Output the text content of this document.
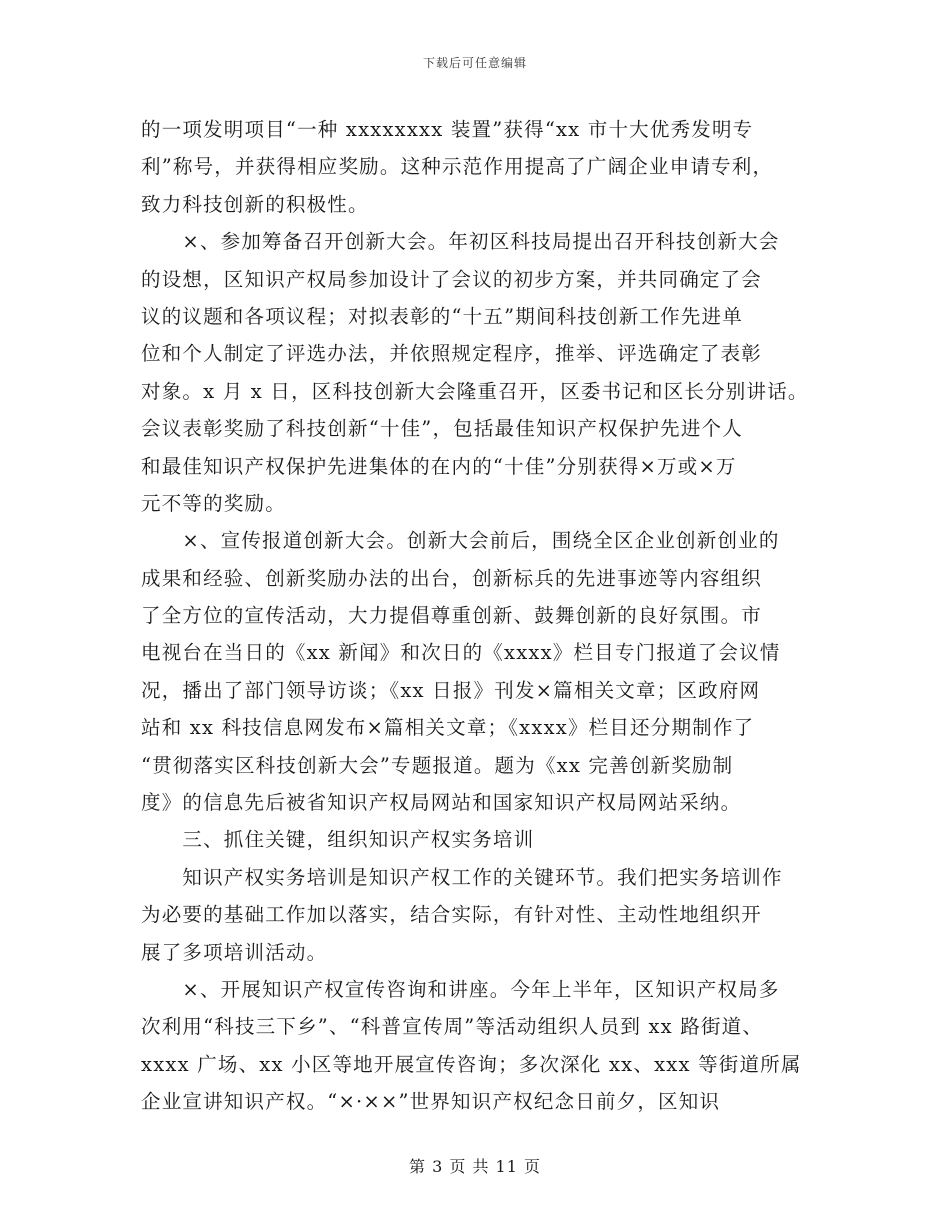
下载后可任意编辑
的一项发明项目“一种 xxxxxxxx 装置”获得“xx 市十大优秀发明专
利”称号，并获得相应奖励。这种示范作用提高了广阔企业申请专利，
致力科技创新的积极性。
　　×、参加筹备召开创新大会。年初区科技局提出召开科技创新大会
的设想，区知识产权局参加设计了会议的初步方案，并共同确定了会
议的议题和各项议程；对拟表彰的“十五”期间科技创新工作先进单
位和个人制定了评选办法，并依照规定程序，推举、评选确定了表彰
对象。x 月 x 日，区科技创新大会隆重召开，区委书记和区长分别讲话。
会议表彰奖励了科技创新“十佳”，包括最佳知识产权保护先进个人
和最佳知识产权保护先进集体的在内的“十佳”分别获得×万或×万
元不等的奖励。
　　×、宣传报道创新大会。创新大会前后，围绕全区企业创新创业的
成果和经验、创新奖励办法的出台，创新标兵的先进事迹等内容组织
了全方位的宣传活动，大力提倡尊重创新、鼓舞创新的良好氛围。市
电视台在当日的《xx 新闻》和次日的《xxxx》栏目专门报道了会议情
况，播出了部门领导访谈；《xx 日报》刊发×篇相关文章；区政府网
站和 xx 科技信息网发布×篇相关文章；《xxxx》栏目还分期制作了
“贯彻落实区科技创新大会”专题报道。题为《xx 完善创新奖励制
度》的信息先后被省知识产权局网站和国家知识产权局网站采纳。
　　三、抓住关键，组织知识产权实务培训
　　知识产权实务培训是知识产权工作的关键环节。我们把实务培训作
为必要的基础工作加以落实，结合实际，有针对性、主动性地组织开
展了多项培训活动。
　　×、开展知识产权宣传咨询和讲座。今年上半年，区知识产权局多
次利用“科技三下乡”、“科普宣传周”等活动组织人员到 xx 路街道、
xxxx 广场、xx 小区等地开展宣传咨询；多次深化 xx、xxx 等街道所属
企业宣讲知识产权。“×·××”世界知识产权纪念日前夕，区知识
第 3 页 共 11 页
